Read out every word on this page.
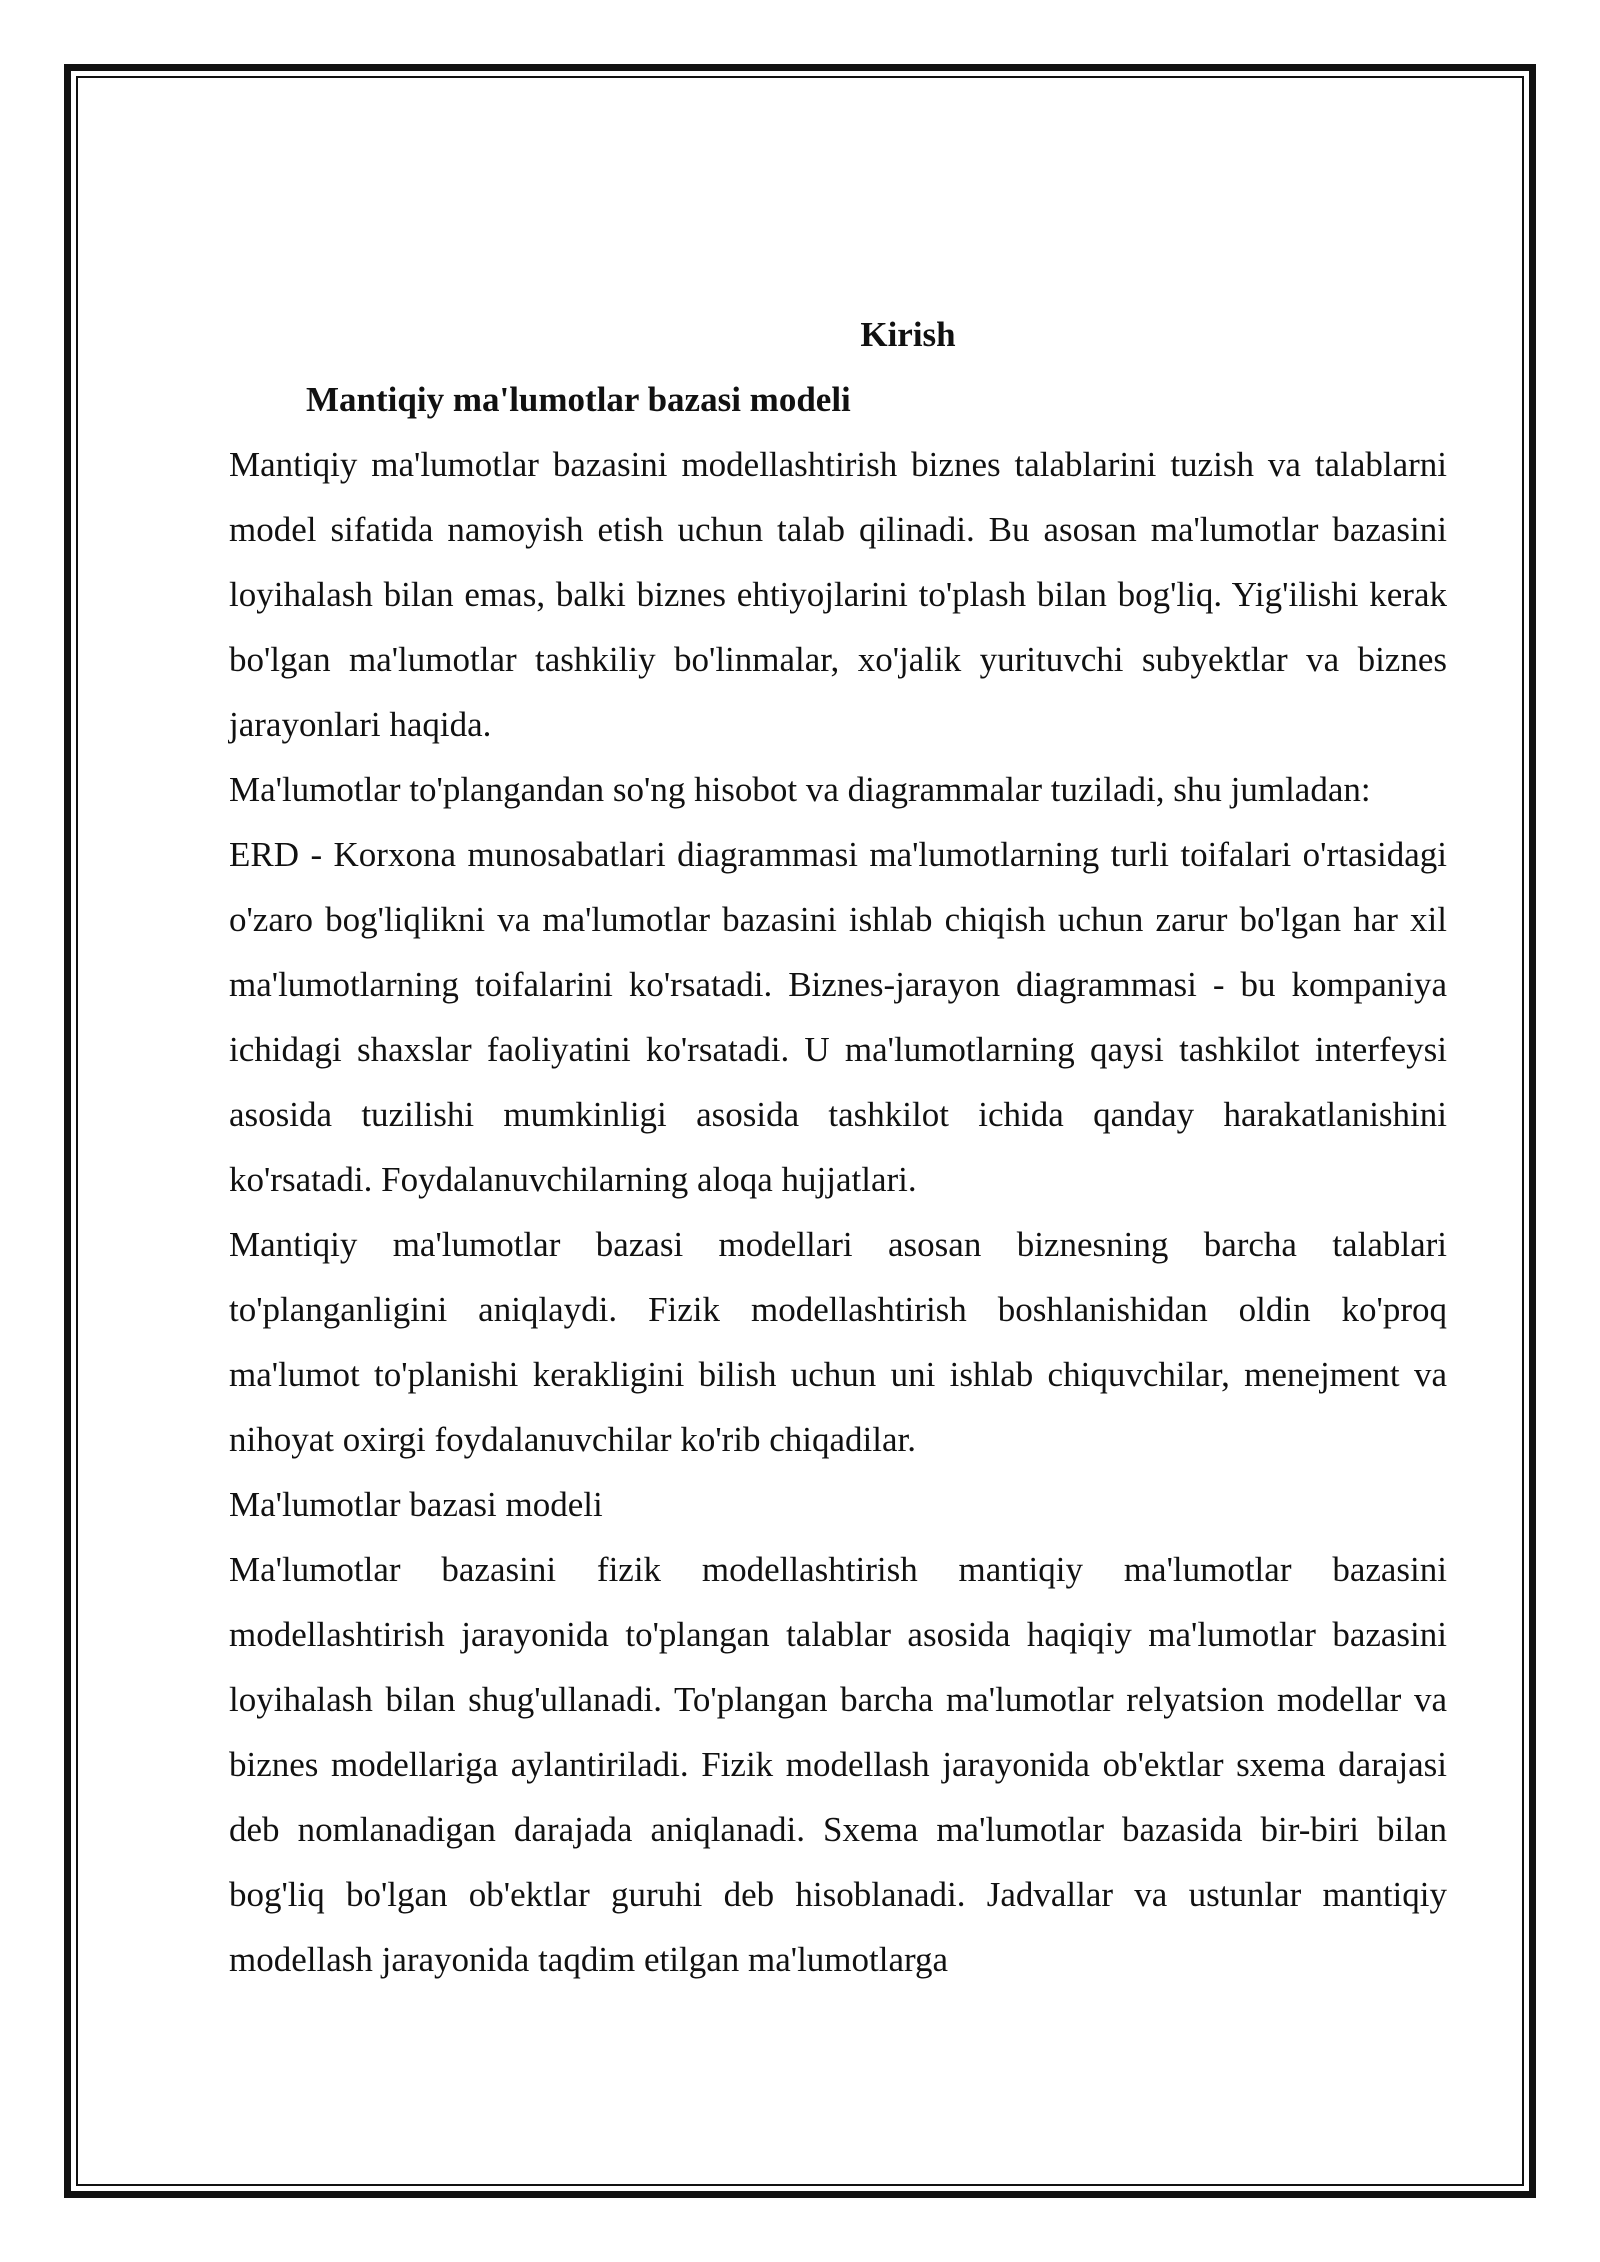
Kirish

Mantiqiy ma'lumotlar bazasi modeli

Mantiqiy ma'lumotlar bazasini modellashtirish biznes talablarini tuzish va talablarni model sifatida namoyish etish uchun talab qilinadi. Bu asosan ma'lumotlar bazasini loyihalash bilan emas, balki biznes ehtiyojlarini to'plash bilan bog'liq. Yig'ilishi kerak bo'lgan ma'lumotlar tashkiliy bo'linmalar, xo'jalik yurituvchi subyektlar va biznes jarayonlari haqida.

Ma'lumotlar to'plangandan so'ng hisobot va diagrammalar tuziladi, shu jumladan:

ERD - Korxona munosabatlari diagrammasi ma'lumotlarning turli toifalari o'rtasidagi o'zaro bog'liqlikni va ma'lumotlar bazasini ishlab chiqish uchun zarur bo'lgan har xil ma'lumotlarning toifalarini ko'rsatadi. Biznes-jarayon diagrammasi - bu kompaniya ichidagi shaxslar faoliyatini ko'rsatadi. U ma'lumotlarning qaysi tashkilot interfeysi asosida tuzilishi mumkinligi asosida tashkilot ichida qanday harakatlanishini ko'rsatadi. Foydalanuvchilarning aloqa hujjatlari.

Mantiqiy ma'lumotlar bazasi modellari asosan biznesning barcha talablari to'planganligini aniqlaydi. Fizik modellashtirish boshlanishidan oldin ko'proq ma'lumot to'planishi kerakligini bilish uchun uni ishlab chiquvchilar, menejment va nihoyat oxirgi foydalanuvchilar ko'rib chiqadilar.

Ma'lumotlar bazasi modeli

Ma'lumotlar bazasini fizik modellashtirish mantiqiy ma'lumotlar bazasini modellashtirish jarayonida to'plangan talablar asosida haqiqiy ma'lumotlar bazasini loyihalash bilan shug'ullanadi. To'plangan barcha ma'lumotlar relyatsion modellar va biznes modellariga aylantiriladi. Fizik modellash jarayonida ob'ektlar sxema darajasi deb nomlanadigan darajada aniqlanadi. Sxema ma'lumotlar bazasida bir-biri bilan bog'liq bo'lgan ob'ektlar guruhi deb hisoblanadi. Jadvallar va ustunlar mantiqiy modellash jarayonida taqdim etilgan ma'lumotlarga
